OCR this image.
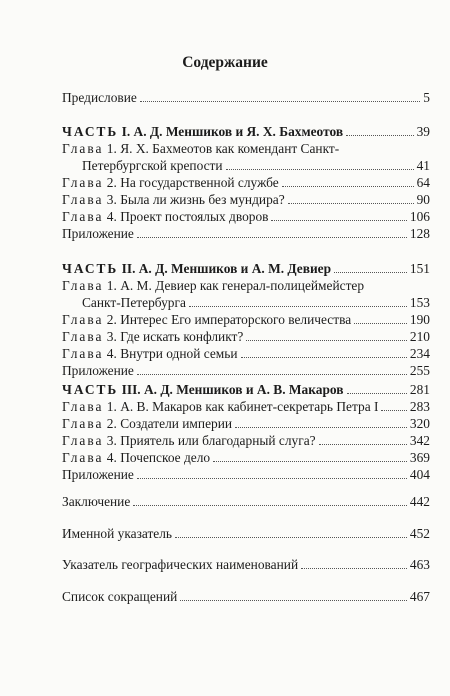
Содержание
Предисловие	5
ЧАСТЬ I. А. Д. Меншиков и Я. Х. Бахмеотов	39
Глава 1. Я. Х. Бахмеотов как комендант Санкт-
Петербургской крепости	41
Глава 2. На государственной службе	64
Глава 3. Была ли жизнь без мундира?	90
Глава 4. Проект постоялых дворов	106
Приложение	128
ЧАСТЬ II. А. Д. Меншиков и А. М. Девиер	151
Глава 1. А. М. Девиер как генерал-полицеймейстер
Санкт-Петербурга	153
Глава 2. Интерес Его императорского величества	190
Глава 3. Где искать конфликт?	210
Глава 4. Внутри одной семьи	234
Приложение	255
ЧАСТЬ III. А. Д. Меншиков и А. В. Макаров	281
Глава 1. А. В. Макаров как кабинет-секретарь Петра I 283
Глава 2. Создатели империи	320
Глава 3. Приятель или благодарный слуга?	342
Глава 4. Почепское дело	369
Приложение	404
Заключение	442
Именной указатель	452
Указатель географических наименований	463
Список сокращений	467
